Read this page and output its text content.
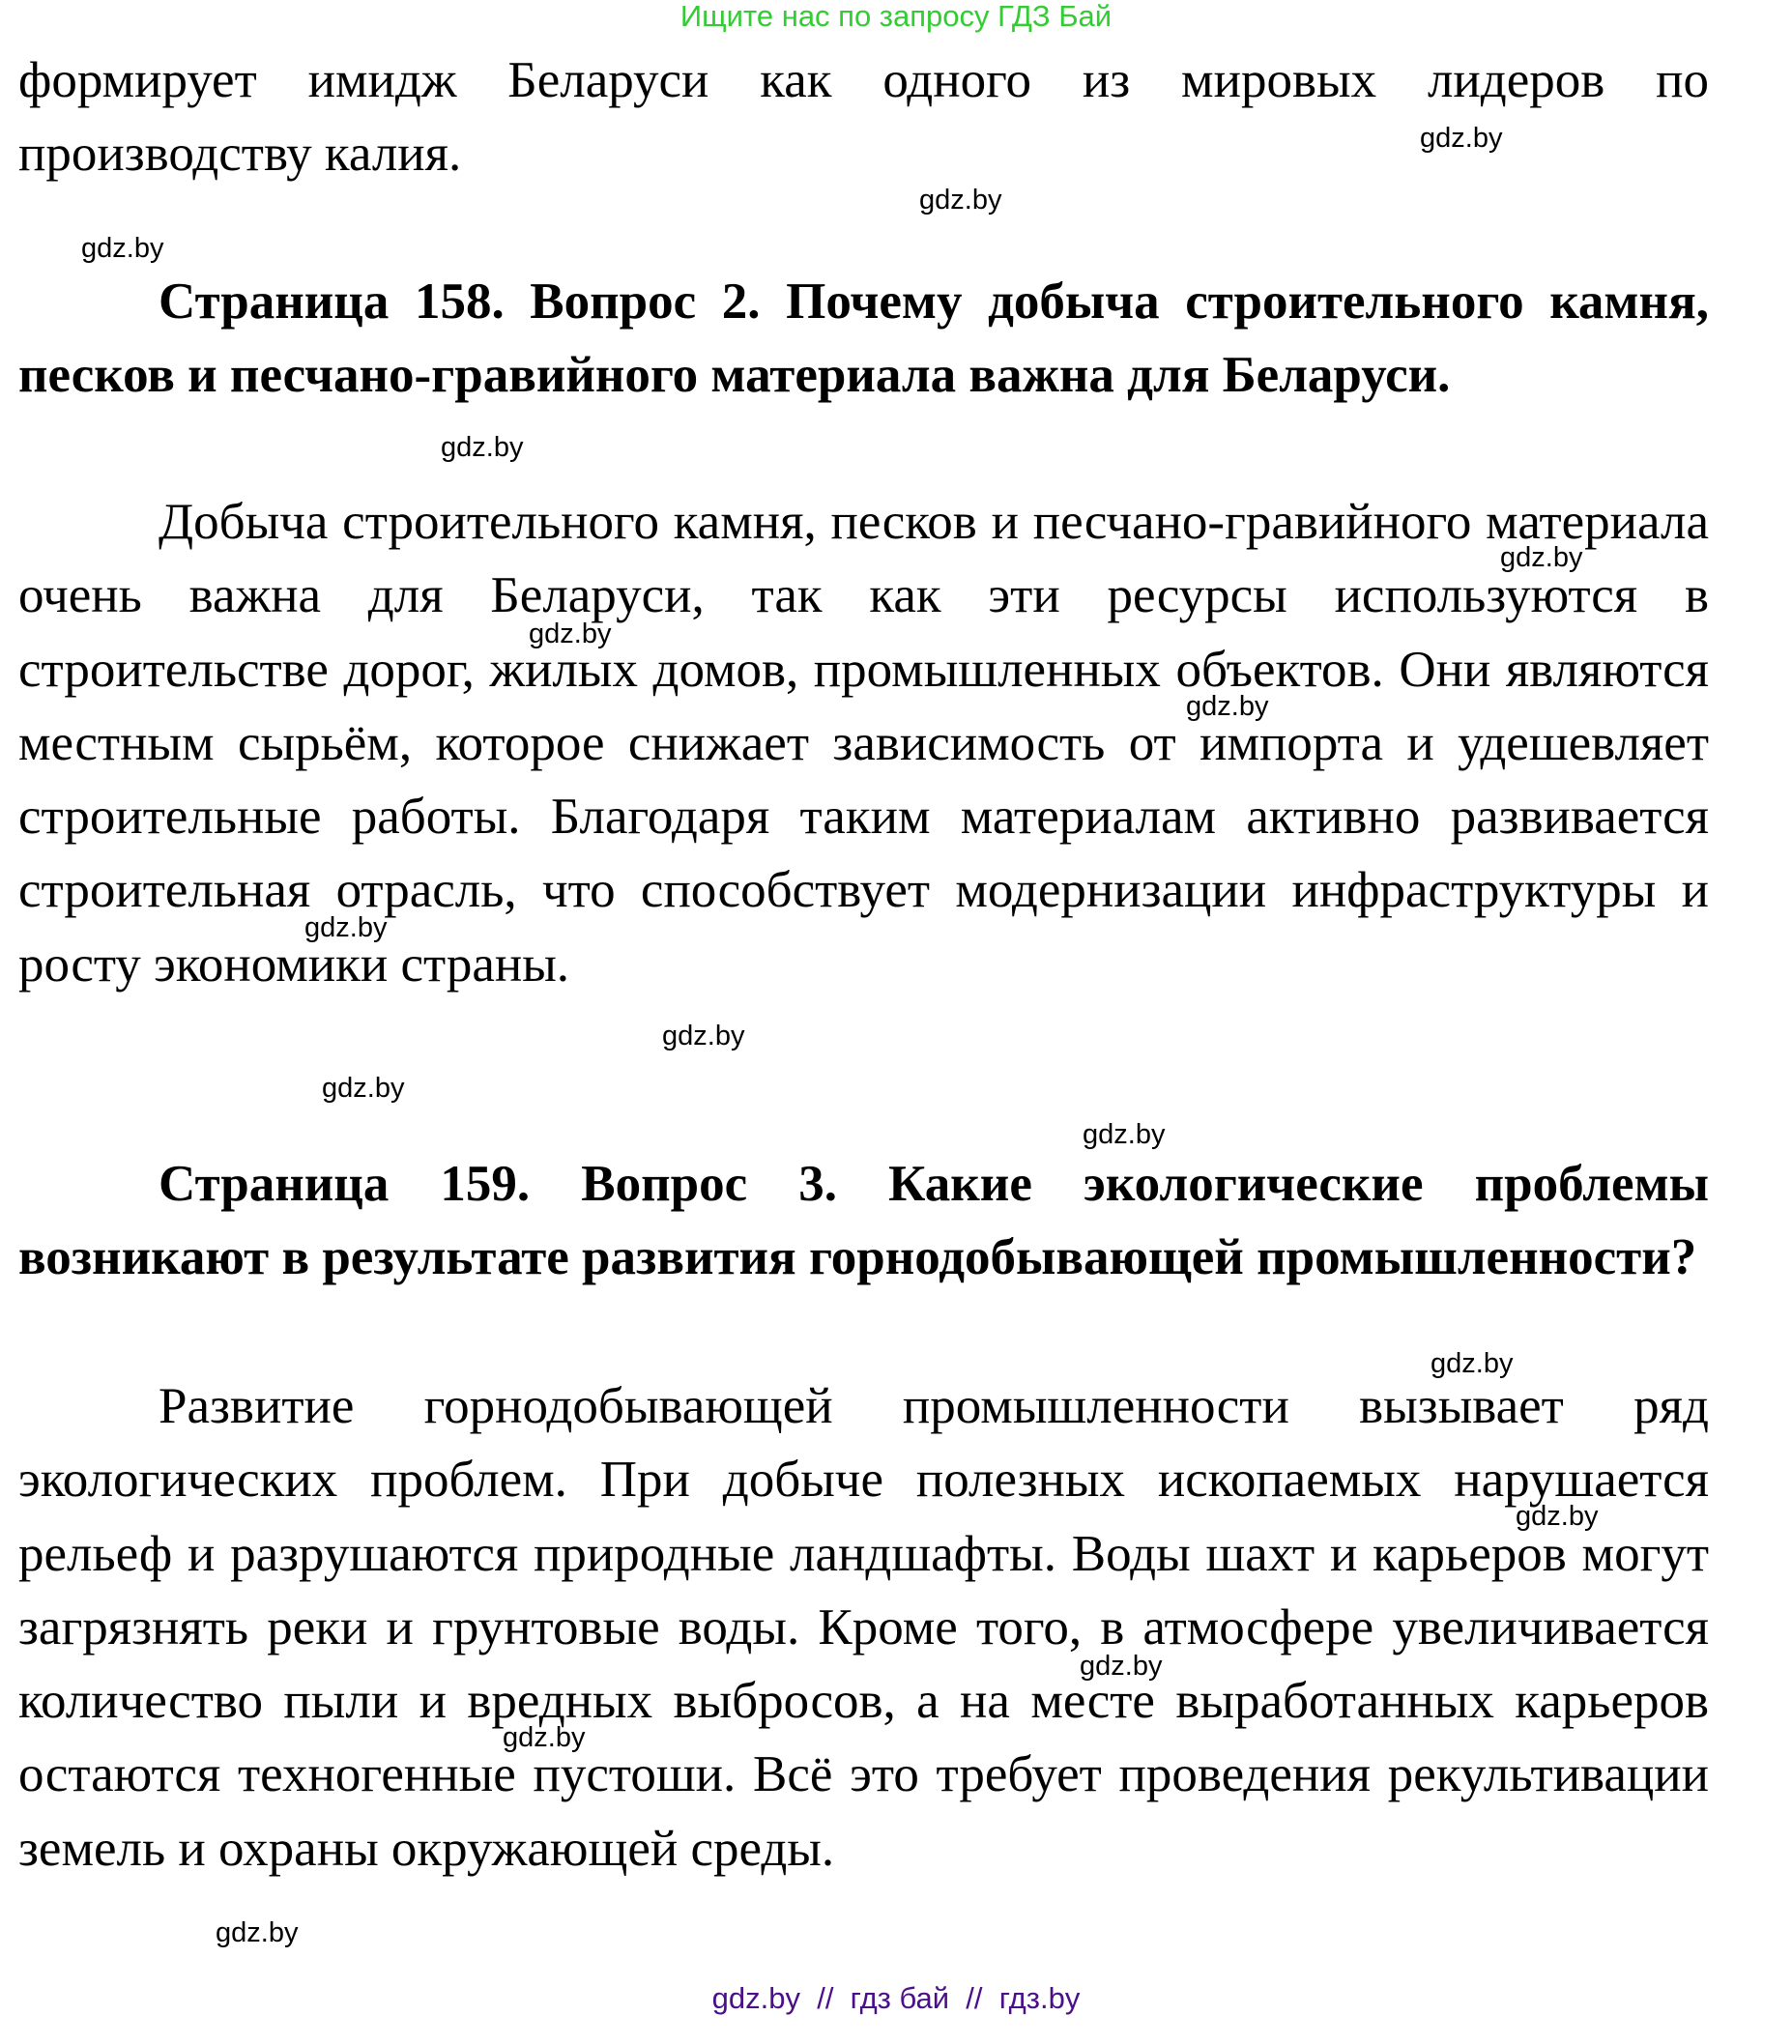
Ищите нас по запросу ГДЗ Бай
формирует имидж Беларуси как одного из мировых лидеров по производству калия.
Страница 158. Вопрос 2. Почему добыча строительного камня, песков и песчано-гравийного материала важна для Беларуси.
Добыча строительного камня, песков и песчано-гравийного материала очень важна для Беларуси, так как эти ресурсы используются в строительстве дорог, жилых домов, промышленных объектов. Они являются местным сырьём, которое снижает зависимость от импорта и удешевляет строительные работы. Благодаря таким материалам активно развивается строительная отрасль, что способствует модернизации инфраструктуры и росту экономики страны.
Страница 159. Вопрос 3. Какие экологические проблемы возникают в результате развития горнодобывающей промышленности?
Развитие горнодобывающей промышленности вызывает ряд экологических проблем. При добыче полезных ископаемых нарушается рельеф и разрушаются природные ландшафты. Воды шахт и карьеров могут загрязнять реки и грунтовые воды. Кроме того, в атмосфере увеличивается количество пыли и вредных выбросов, а на месте выработанных карьеров остаются техногенные пустоши. Всё это требует проведения рекультивации земель и охраны окружающей среды.
gdz.by
gdz.by
gdz.by
gdz.by
gdz.by
gdz.by
gdz.by
gdz.by
gdz.by
gdz.by
gdz.by
gdz.by
gdz.by
gdz.by
gdz.by
gdz.by
gdz.by  //  гдз бай  //  гдз.by
